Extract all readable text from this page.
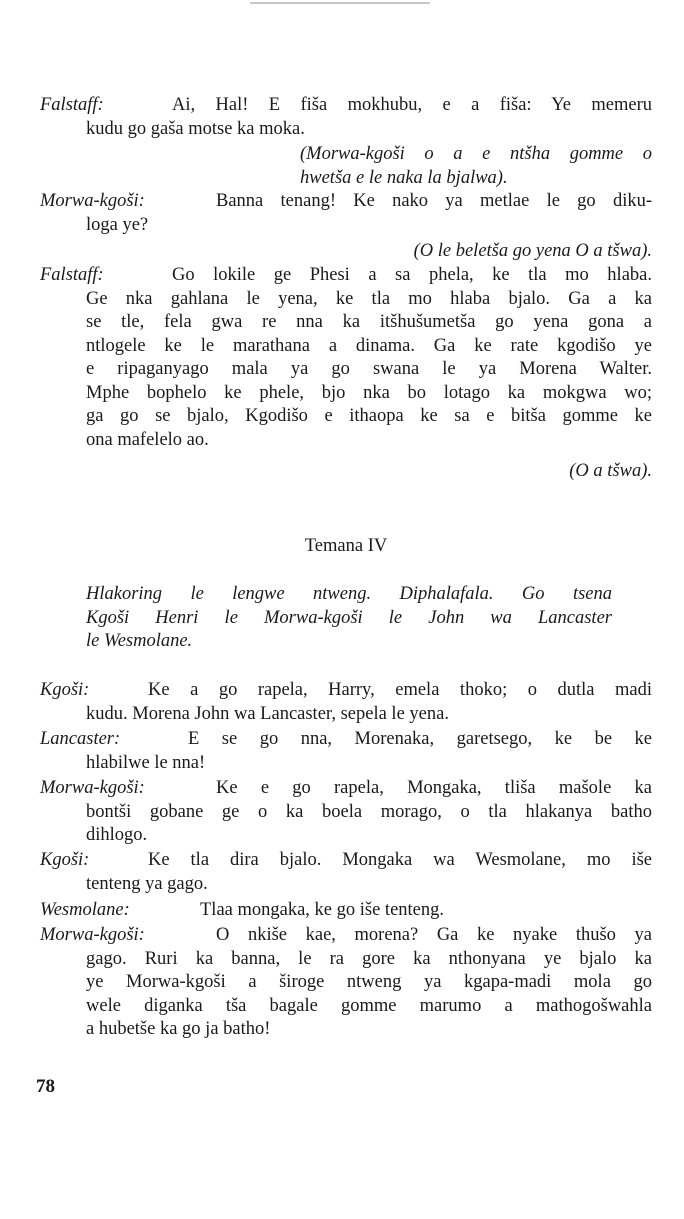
Falstaff:	Ai, Hal! E fiša mokhubu, e a fiša: Ye memeru
kudu go gaša motse ka moka.
(Morwa-kgoši o a e ntšha gomme o
hwetša e le naka la bjalwa).
Morwa-kgoši:	Banna tenang! Ke nako ya metlae le go diku-
loga ye?
(O le beletša go yena O a tšwa).
Falstaff:	Go lokile ge Phesi a sa phela, ke tla mo hlaba.
Ge nka gahlana le yena, ke tla mo hlaba bjalo. Ga a ka
se tle, fela gwa re nna ka itšhušumetša go yena gona a
ntlogele ke le marathana a dinama. Ga ke rate kgodišo ye
e ripaganyago mala ya go swana le ya Morena Walter.
Mphe bophelo ke phele, bjo nka bo lotago ka mokgwa wo;
ga go se bjalo, Kgodišo e ithaopa ke sa e bitša gomme ke
ona mafelelo ao.
(O a tšwa).
Temana IV
Hlakoring le lengwe ntweng. Diphalafala. Go tsena
Kgoši Henri le Morwa-kgoši le John wa Lancaster
le Wesmolane.
Kgoši:	Ke a go rapela, Harry, emela thoko; o dutla madi
kudu. Morena John wa Lancaster, sepela le yena.
Lancaster:	E se go nna, Morenaka, garetsego, ke be ke
hlabilwe le nna!
Morwa-kgoši:	Ke e go rapela, Mongaka, tliša mašole ka
bontši gobane ge o ka boela morago, o tla hlakanya batho
dihlogo.
Kgoši:	Ke tla dira bjalo. Mongaka wa Wesmolane, mo iše
tenteng ya gago.
Wesmolane:	Tlaa mongaka, ke go iše tenteng.
Morwa-kgoši:	O nkiše kae, morena? Ga ke nyake thušo ya
gago. Ruri ka banna, le ra gore ka nthonyana ye bjalo ka
ye Morwa-kgoši a široge ntweng ya kgapa-madi mola go
wele diganka tša bagale gomme marumo a mathogošwahla
a hubetše ka go ja batho!
78
